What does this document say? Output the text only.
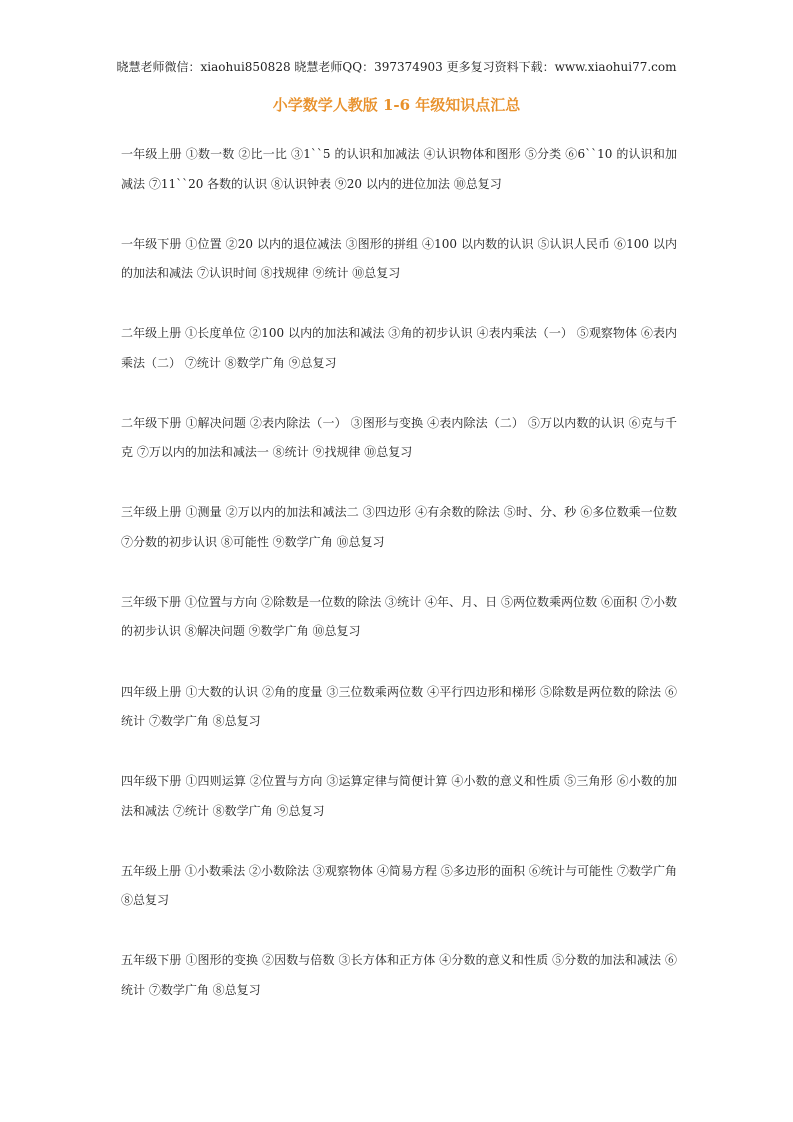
晓慧老师微信：xiaohui850828 晓慧老师QQ：397374903 更多复习资料下载：www.xiaohui77.com
小学数学人教版 1-6 年级知识点汇总
一年级上册 ①数一数 ②比一比 ③1``5 的认识和加减法 ④认识物体和图形 ⑤分类 ⑥6``10 的认识和加减法 ⑦11``20 各数的认识 ⑧认识钟表 ⑨20 以内的进位加法 ⑩总复习
一年级下册 ①位置 ②20 以内的退位减法 ③图形的拼组 ④100 以内数的认识 ⑤认识人民币 ⑥100 以内的加法和减法 ⑦认识时间 ⑧找规律 ⑨统计 ⑩总复习
二年级上册 ①长度单位 ②100 以内的加法和减法 ③角的初步认识 ④表内乘法（一） ⑤观察物体 ⑥表内乘法（二） ⑦统计 ⑧数学广角 ⑨总复习
二年级下册 ①解决问题 ②表内除法（一） ③图形与变换 ④表内除法（二） ⑤万以内数的认识 ⑥克与千克 ⑦万以内的加法和减法一 ⑧统计 ⑨找规律 ⑩总复习
三年级上册 ①测量 ②万以内的加法和减法二 ③四边形 ④有余数的除法 ⑤时、分、秒 ⑥多位数乘一位数 ⑦分数的初步认识 ⑧可能性 ⑨数学广角 ⑩总复习
三年级下册 ①位置与方向 ②除数是一位数的除法 ③统计 ④年、月、日 ⑤两位数乘两位数 ⑥面积 ⑦小数的初步认识 ⑧解决问题 ⑨数学广角 ⑩总复习
四年级上册 ①大数的认识 ②角的度量 ③三位数乘两位数 ④平行四边形和梯形 ⑤除数是两位数的除法 ⑥统计 ⑦数学广角 ⑧总复习
四年级下册 ①四则运算 ②位置与方向 ③运算定律与简便计算 ④小数的意义和性质 ⑤三角形 ⑥小数的加法和减法 ⑦统计 ⑧数学广角 ⑨总复习
五年级上册 ①小数乘法 ②小数除法 ③观察物体 ④简易方程 ⑤多边形的面积 ⑥统计与可能性 ⑦数学广角 ⑧总复习
五年级下册 ①图形的变换 ②因数与倍数 ③长方体和正方体 ④分数的意义和性质 ⑤分数的加法和减法 ⑥统计 ⑦数学广角 ⑧总复习
